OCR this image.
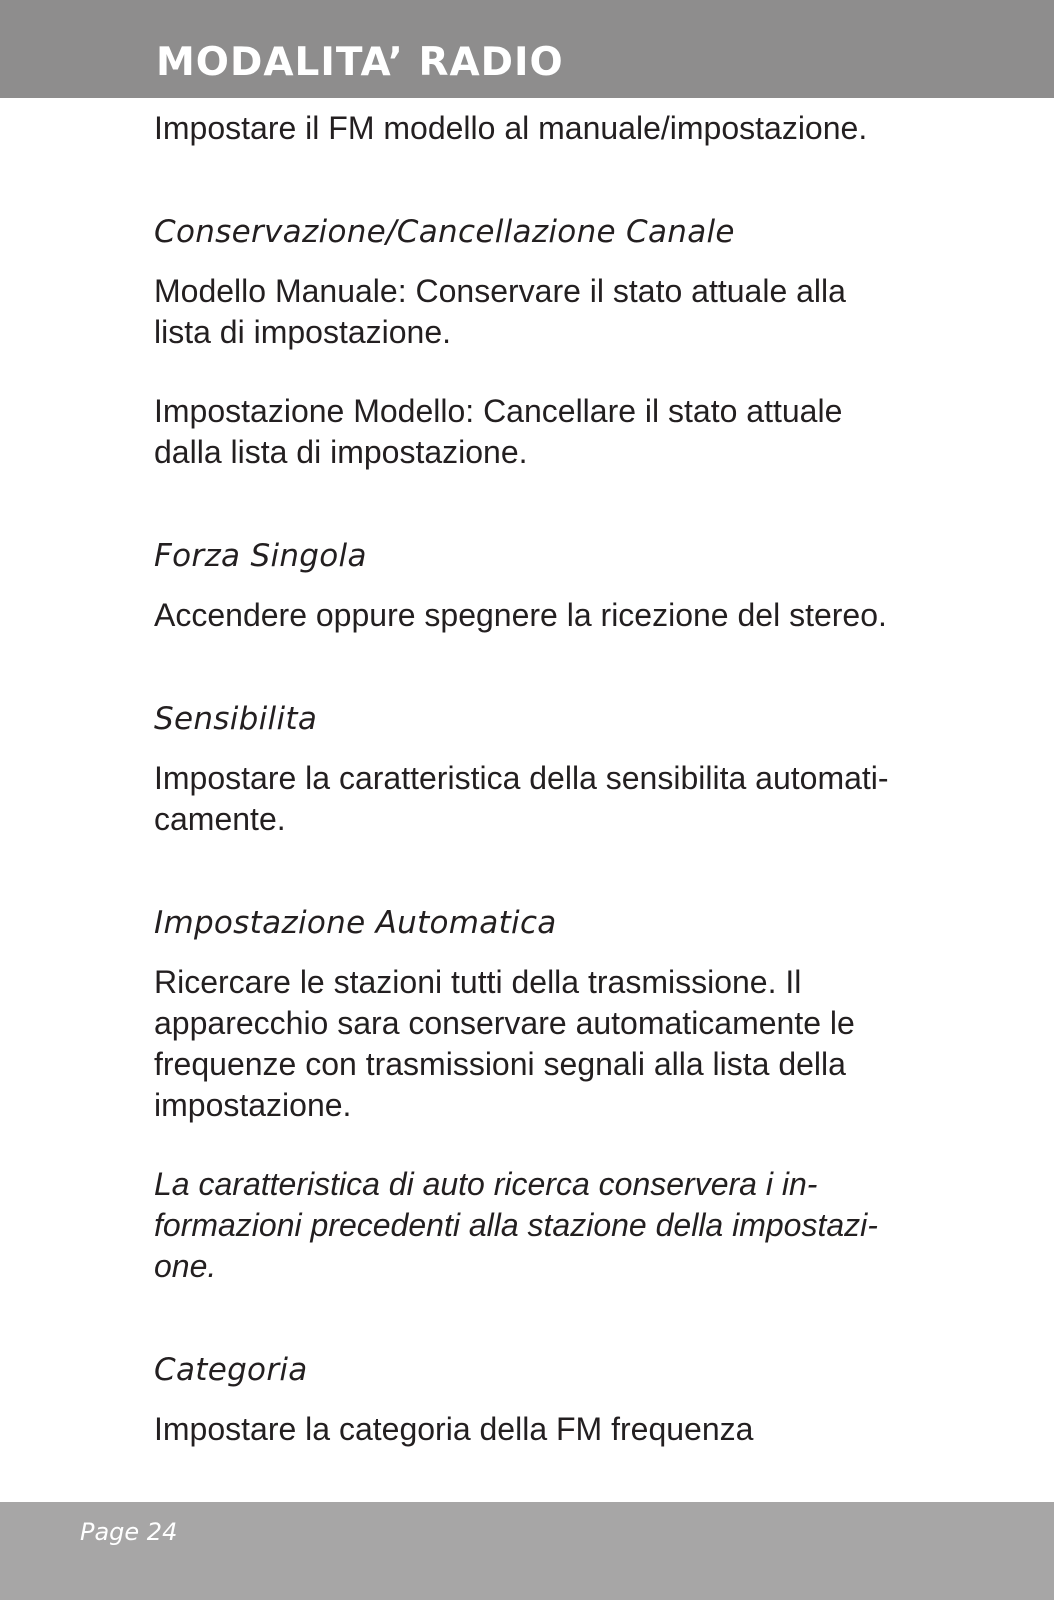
MODALITA’ RADIO

Impostare il FM modello al manuale/impostazione.

Conservazione/Cancellazione Canale

Modello Manuale: Conservare il stato attuale alla

lista di impostazione.

Impostazione Modello: Cancellare il stato attuale

dalla lista di impostazione.

Forza Singola

Accendere oppure spegnere la ricezione del stereo.

Sensibilita

Impostare la caratteristica della sensibilita automati-

camente.

Impostazione Automatica

Ricercare le stazioni tutti della trasmissione. Il

apparecchio sara conservare automaticamente le

frequenze con trasmissioni segnali alla lista della

impostazione.

La caratteristica di auto ricerca conservera i in-

formazioni precedenti alla stazione della impostazi-

one.

Categoria

Impostare la categoria della FM frequenza

Page 24
